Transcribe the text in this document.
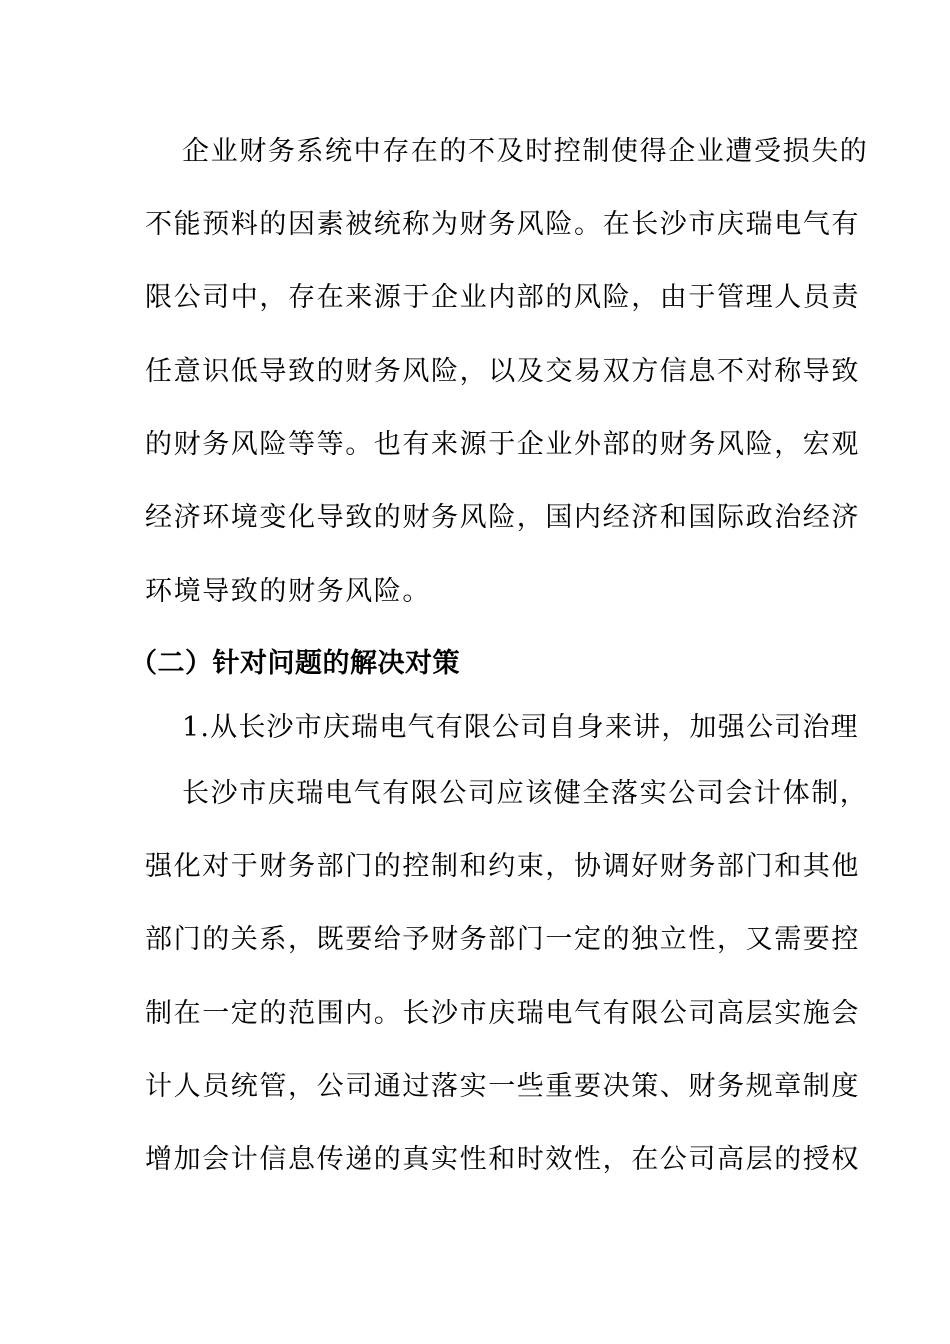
企业财务系统中存在的不及时控制使得企业遭受损失的
不能预料的因素被统称为财务风险。在长沙市庆瑞电气有
限公司中，存在来源于企业内部的风险，由于管理人员责
任意识低导致的财务风险，以及交易双方信息不对称导致
的财务风险等等。也有来源于企业外部的财务风险，宏观
经济环境变化导致的财务风险，国内经济和国际政治经济
环境导致的财务风险。
（二）针对问题的解决对策
1.从长沙市庆瑞电气有限公司自身来讲，加强公司治理
长沙市庆瑞电气有限公司应该健全落实公司会计体制，
强化对于财务部门的控制和约束，协调好财务部门和其他
部门的关系，既要给予财务部门一定的独立性，又需要控
制在一定的范围内。长沙市庆瑞电气有限公司高层实施会
计人员统管，公司通过落实一些重要决策、财务规章制度
增加会计信息传递的真实性和时效性，在公司高层的授权
